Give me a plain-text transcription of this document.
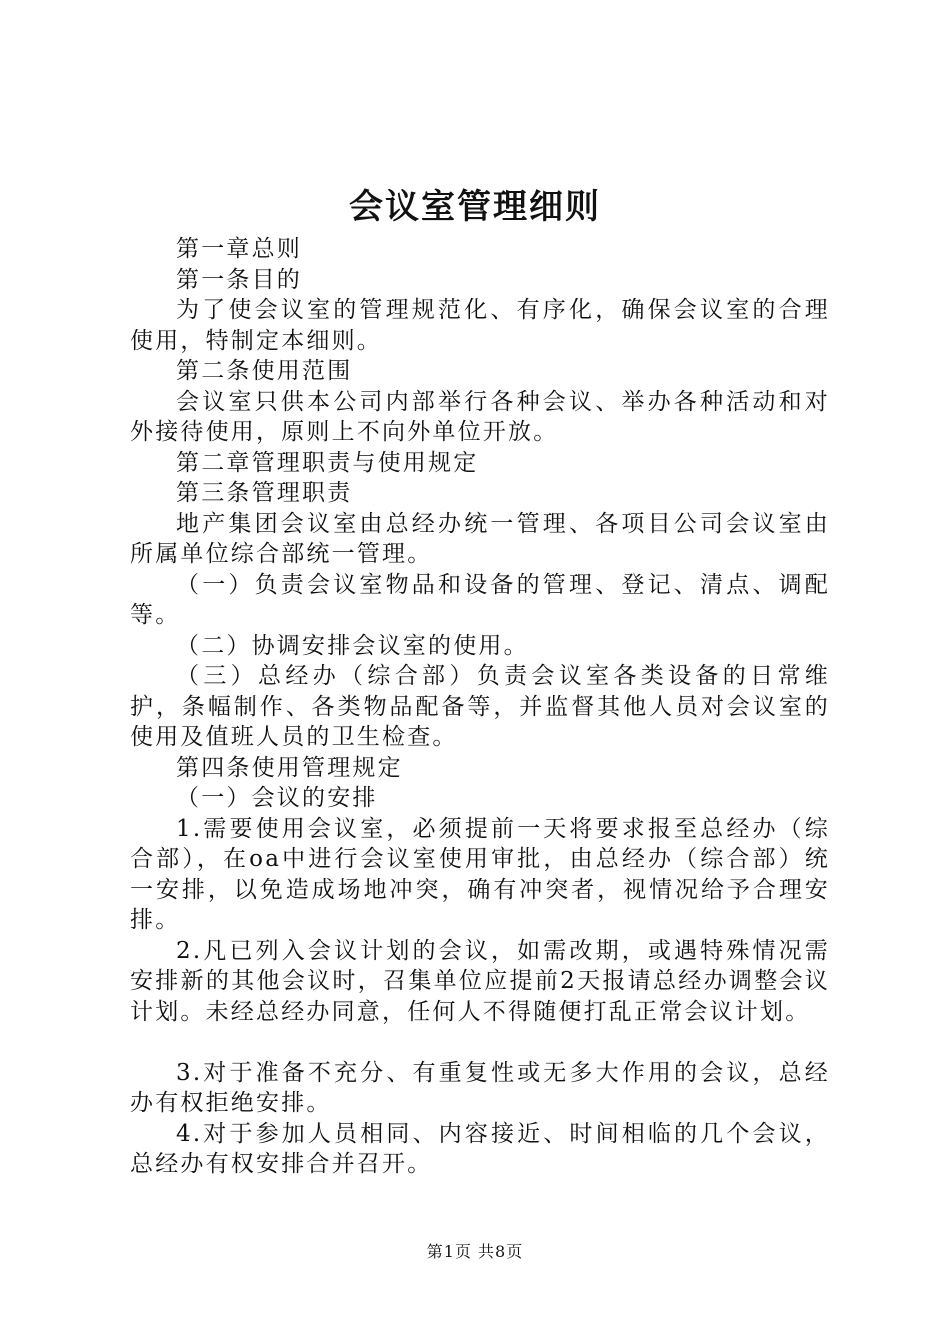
会议室管理细则

第一章总则

第一条目的

为了使会议室的管理规范化、有序化，确保会议室的合理使用，特制定本细则。

第二条使用范围

会议室只供本公司内部举行各种会议、举办各种活动和对外接待使用，原则上不向外单位开放。

第二章管理职责与使用规定

第三条管理职责

地产集团会议室由总经办统一管理、各项目公司会议室由所属单位综合部统一管理。

（一）负责会议室物品和设备的管理、登记、清点、调配等。

（二）协调安排会议室的使用。

（三）总经办（综合部）负责会议室各类设备的日常维护，条幅制作、各类物品配备等，并监督其他人员对会议室的使用及值班人员的卫生检查。

第四条使用管理规定

（一）会议的安排

1.需要使用会议室，必须提前一天将要求报至总经办（综合部），在oa中进行会议室使用审批，由总经办（综合部）统一安排，以免造成场地冲突，确有冲突者，视情况给予合理安排。

2.凡已列入会议计划的会议，如需改期，或遇特殊情况需安排新的其他会议时，召集单位应提前2天报请总经办调整会议计划。未经总经办同意，任何人不得随便打乱正常会议计划。

3.对于准备不充分、有重复性或无多大作用的会议，总经办有权拒绝安排。

4.对于参加人员相同、内容接近、时间相临的几个会议，总经办有权安排合并召开。

第1页 共8页
